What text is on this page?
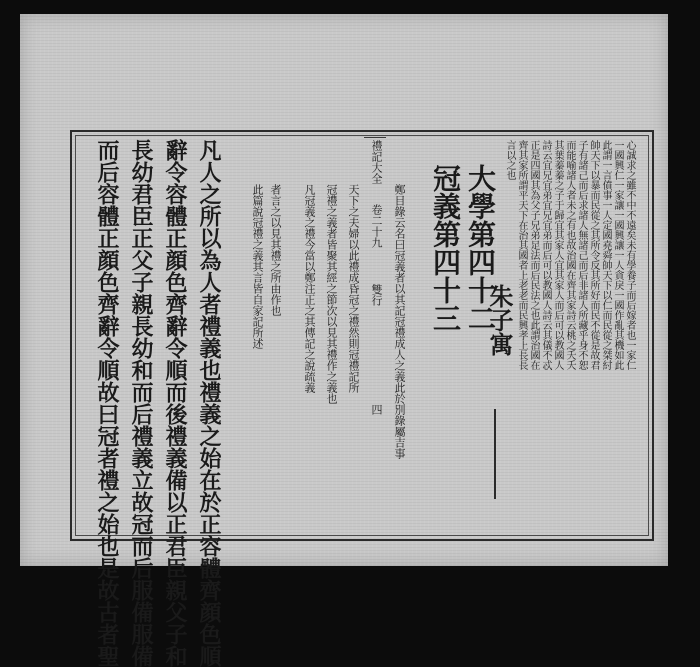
凡人之所以為人者禮義也禮義之始在於正容體齊顔色順
辭令容體正顔色齊辭令順而後禮義備以正君臣親父子和
長幼君臣正父子親長幼和而后禮義立故冠而后服備服備
而后容體正顔色齊辭令順故曰冠者禮之始也是故古者聖	天下之夫婦以此禮成昏冠之禮然則冠禮記所
冠禮之義者皆聚其經之節次以見其禮作之義也
凡冠義之禮今當以鄭注正之其傳記之說疏義
者言之以見其禮之所由作也
此篇說冠禮之義其言皆自家記所述
禮記大全
卷二十九
雙行
四 鄭目錄云名曰冠義者以其記冠禮成人之義此於別錄屬吉事 大學第四十二
冠義第四十三 朱子寓	心誠求之雖不中不遠矣未有學養子而后嫁者也一家仁
一國興仁一家讓一國興讓一人貪戾一國作亂其機如此
此謂一言僨事一人定國堯舜帥天下以仁而民從之桀紂
帥天下以暴而民從之其所令反其所好而民不從是故君
子有諸己而后求諸人無諸己而后非諸人所藏乎身不恕
而能喻諸人者未之有也故治國在齊其家詩云桃之夭夭
其葉蓁蓁之子于歸宜其家人宜其家人而后可以教國人
詩云宜兄宜弟宜兄宜弟而后可以教國人詩云其儀不忒
正是四國其為父子兄弟足法而后民法之也此謂治國在
齊其家所謂平天下在治其國者上老老而民興孝上長長
言以之也
